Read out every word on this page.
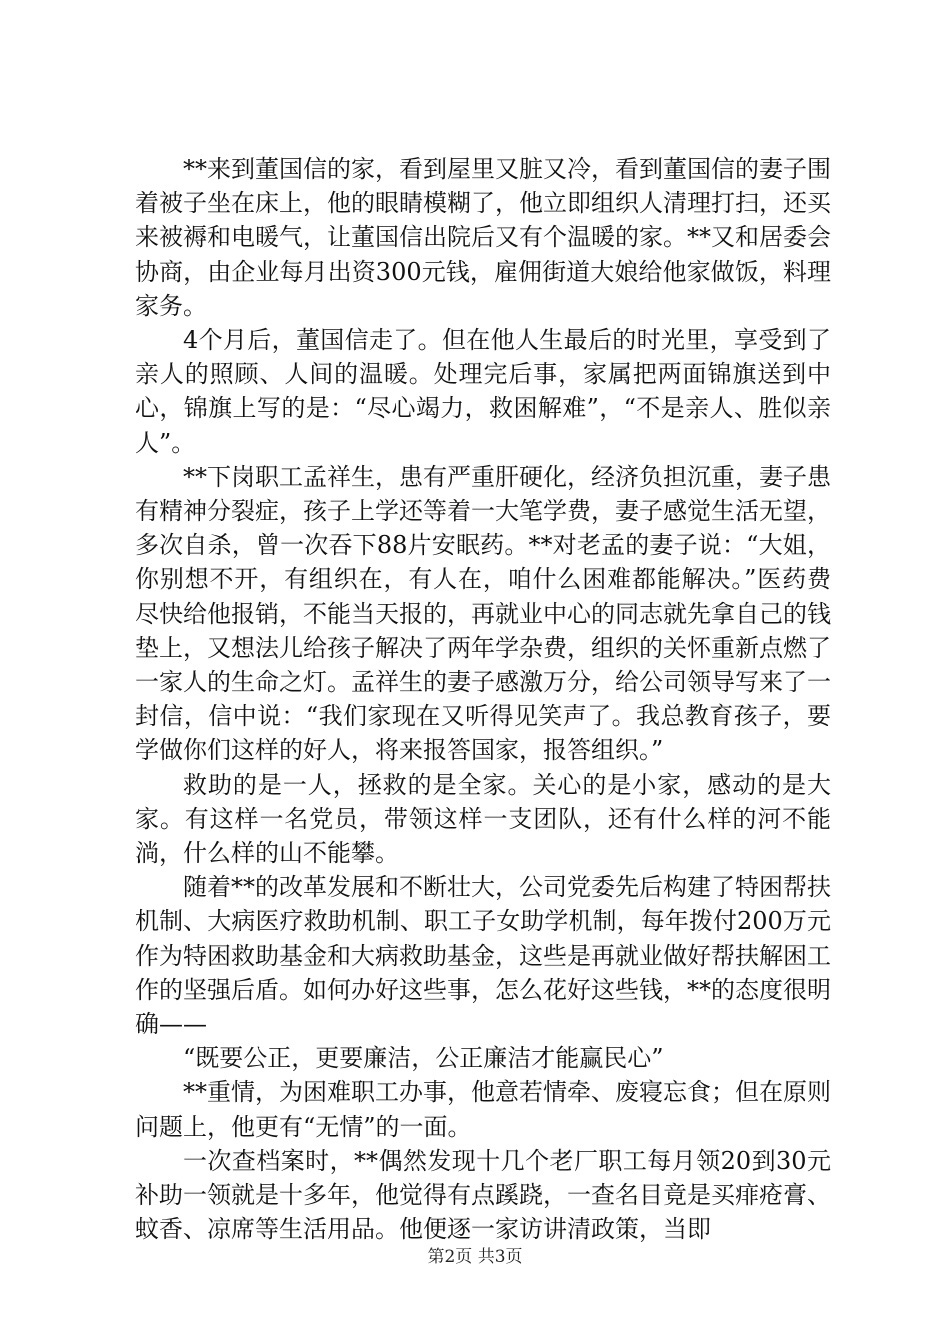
**来到董国信的家，看到屋里又脏又冷，看到董国信的妻子围着被子坐在床上，他的眼睛模糊了，他立即组织人清理打扫，还买来被褥和电暖气，让董国信出院后又有个温暖的家。**又和居委会协商，由企业每月出资300元钱，雇佣街道大娘给他家做饭，料理家务。

4个月后，董国信走了。但在他人生最后的时光里，享受到了亲人的照顾、人间的温暖。处理完后事，家属把两面锦旗送到中心，锦旗上写的是：“尽心竭力，救困解难”，“不是亲人、胜似亲人”。

**下岗职工孟祥生，患有严重肝硬化，经济负担沉重，妻子患有精神分裂症，孩子上学还等着一大笔学费，妻子感觉生活无望，多次自杀，曾一次吞下88片安眠药。**对老孟的妻子说：“大姐，你别想不开，有组织在，有人在，咱什么困难都能解决。”医药费尽快给他报销，不能当天报的，再就业中心的同志就先拿自己的钱垫上，又想法儿给孩子解决了两年学杂费，组织的关怀重新点燃了一家人的生命之灯。孟祥生的妻子感激万分，给公司领导写来了一封信，信中说：“我们家现在又听得见笑声了。我总教育孩子，要学做你们这样的好人，将来报答国家，报答组织。”

救助的是一人，拯救的是全家。关心的是小家，感动的是大家。有这样一名党员，带领这样一支团队，还有什么样的河不能淌，什么样的山不能攀。

随着**的改革发展和不断壮大，公司党委先后构建了特困帮扶机制、大病医疗救助机制、职工子女助学机制，每年拨付200万元作为特困救助基金和大病救助基金，这些是再就业做好帮扶解困工作的坚强后盾。如何办好这些事，怎么花好这些钱，**的态度很明确——

“既要公正，更要廉洁，公正廉洁才能赢民心”

**重情，为困难职工办事，他意若情牵、废寝忘食；但在原则问题上，他更有“无情”的一面。

一次查档案时，**偶然发现十几个老厂职工每月领20到30元补助一领就是十多年，他觉得有点蹊跷，一查名目竟是买痱疮膏、蚊香、凉席等生活用品。他便逐一家访讲清政策，当即

第2页 共3页
